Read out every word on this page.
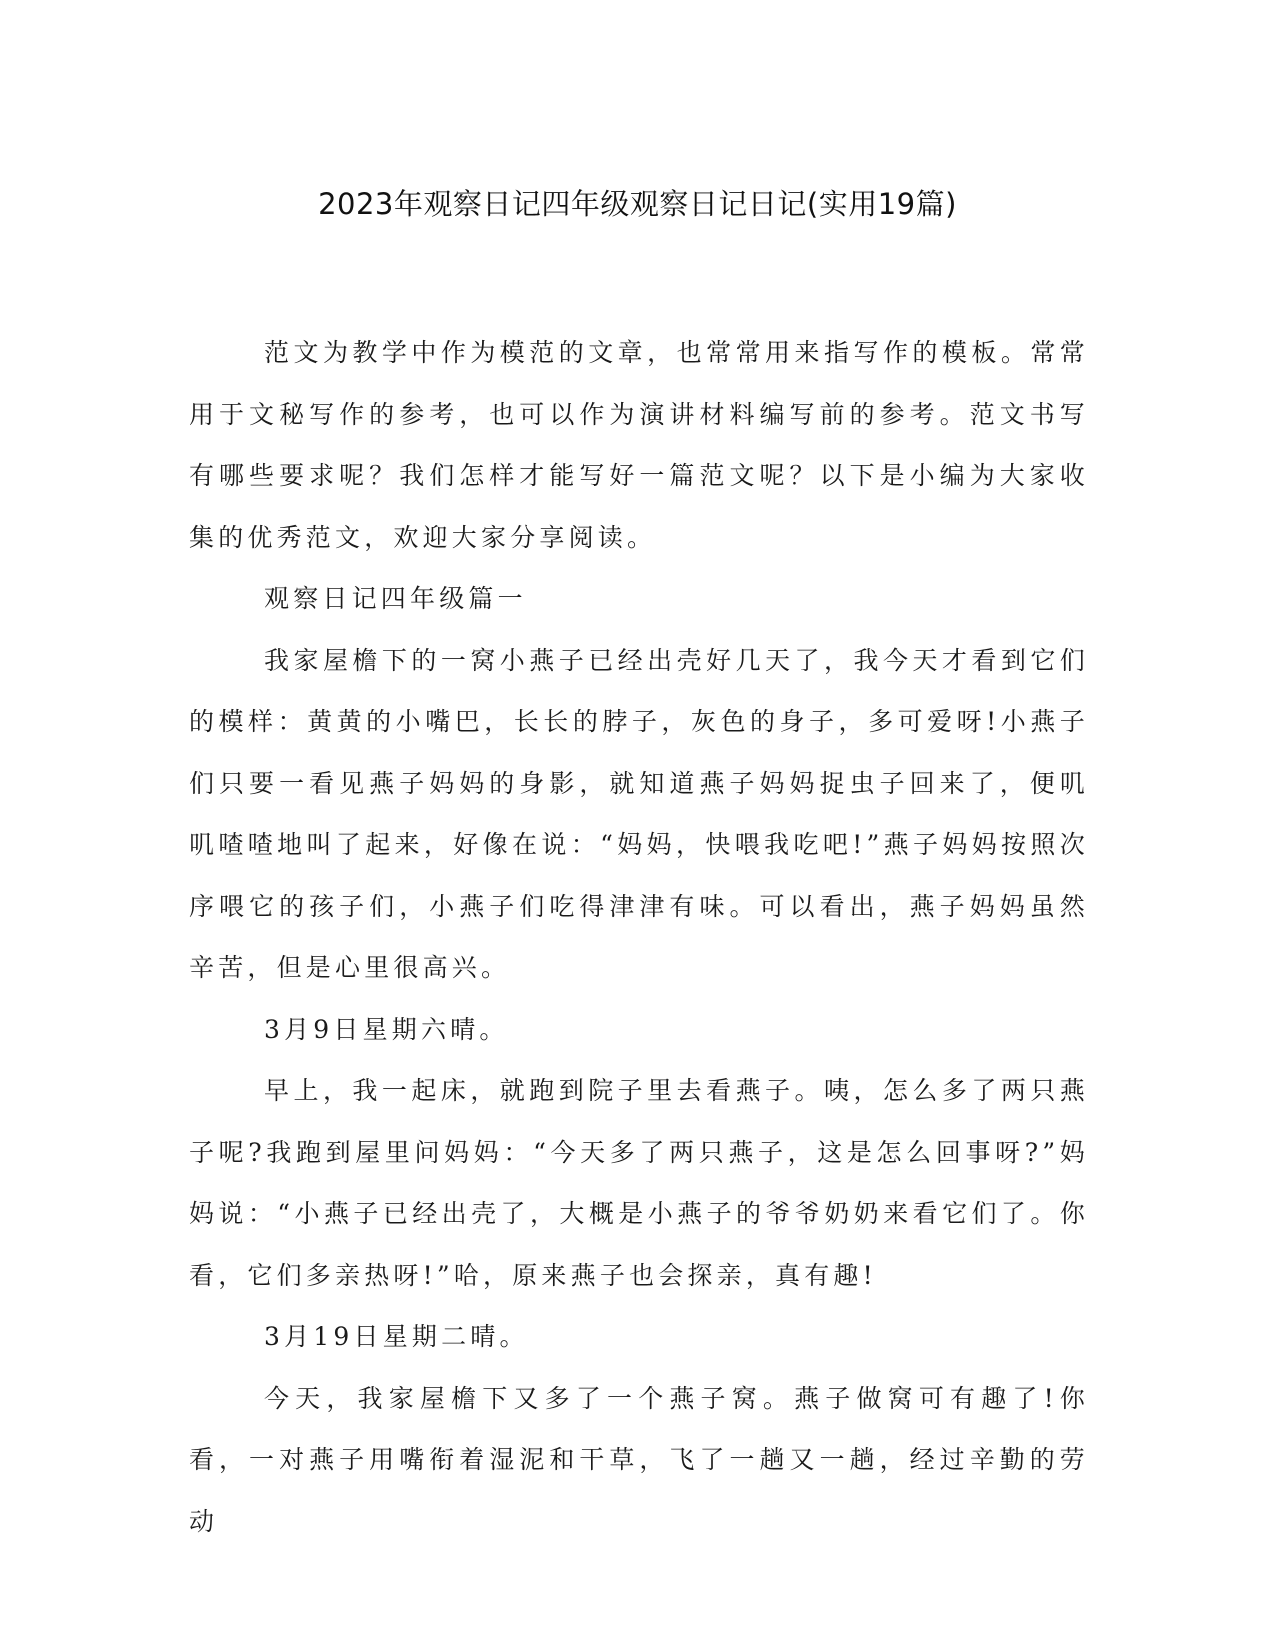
2023年观察日记四年级观察日记日记(实用19篇)

范文为教学中作为模范的文章，也常常用来指写作的模板。常常用于文秘写作的参考，也可以作为演讲材料编写前的参考。范文书写有哪些要求呢？我们怎样才能写好一篇范文呢？以下是小编为大家收集的优秀范文，欢迎大家分享阅读。

观察日记四年级篇一

我家屋檐下的一窝小燕子已经出壳好几天了，我今天才看到它们的模样：黄黄的小嘴巴，长长的脖子，灰色的身子，多可爱呀!小燕子们只要一看见燕子妈妈的身影，就知道燕子妈妈捉虫子回来了，便叽叽喳喳地叫了起来，好像在说：“妈妈，快喂我吃吧!”燕子妈妈按照次序喂它的孩子们，小燕子们吃得津津有味。可以看出，燕子妈妈虽然辛苦，但是心里很高兴。

3月9日星期六晴。

早上，我一起床，就跑到院子里去看燕子。咦，怎么多了两只燕子呢?我跑到屋里问妈妈：“今天多了两只燕子，这是怎么回事呀?”妈妈说：“小燕子已经出壳了，大概是小燕子的爷爷奶奶来看它们了。你看，它们多亲热呀!”哈，原来燕子也会探亲，真有趣!

3月19日星期二晴。

今天，我家屋檐下又多了一个燕子窝。燕子做窝可有趣了!你看，一对燕子用嘴衔着湿泥和干草，飞了一趟又一趟，经过辛勤的劳动
